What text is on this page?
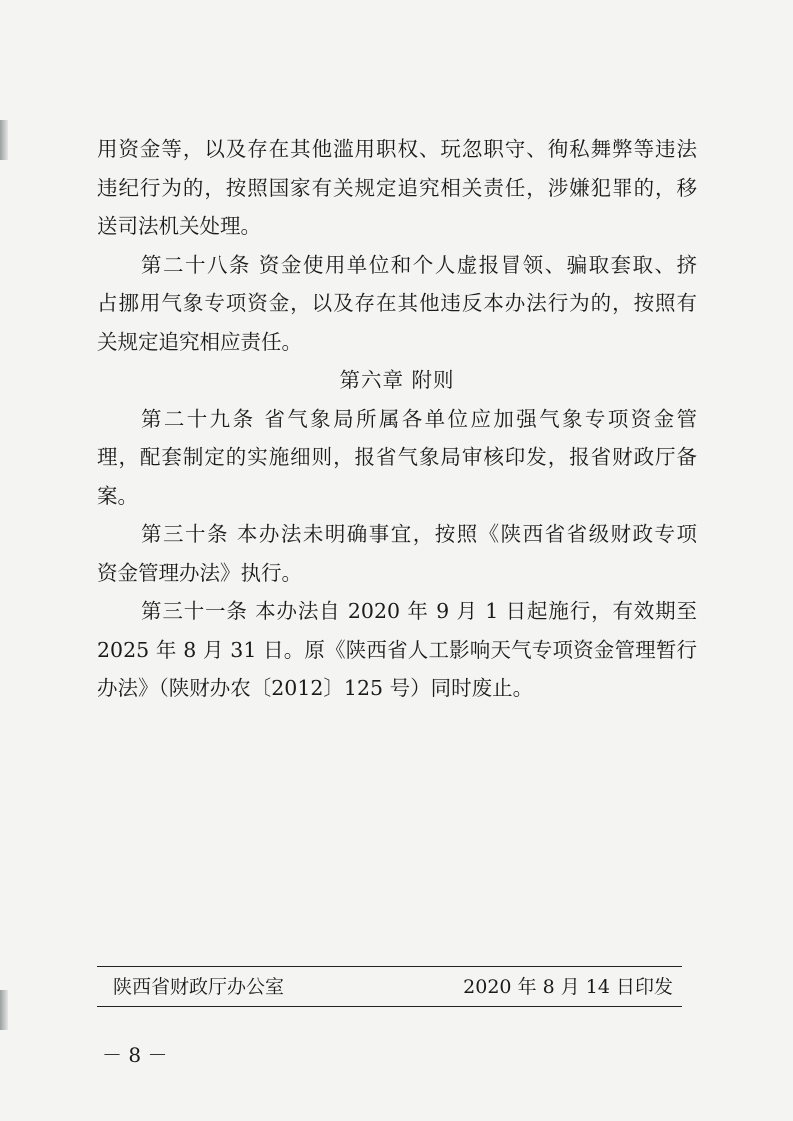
用资金等，以及存在其他滥用职权、玩忽职守、徇私舞弊等违法
违纪行为的，按照国家有关规定追究相关责任，涉嫌犯罪的，移
送司法机关处理。
第二十八条 资金使用单位和个人虚报冒领、骗取套取、挤
占挪用气象专项资金，以及存在其他违反本办法行为的，按照有
关规定追究相应责任。
第六章 附则
第二十九条 省气象局所属各单位应加强气象专项资金管
理，配套制定的实施细则，报省气象局审核印发，报省财政厅备
案。
第三十条 本办法未明确事宜，按照《陕西省省级财政专项
资金管理办法》执行。
第三十一条 本办法自 2020 年 9 月 1 日起施行，有效期至
2025 年 8 月 31 日。原《陕西省人工影响天气专项资金管理暂行
办法》（陕财办农〔2012〕125 号）同时废止。
陕西省财政厅办公室	2020 年 8 月 14 日印发
－ 8 －
